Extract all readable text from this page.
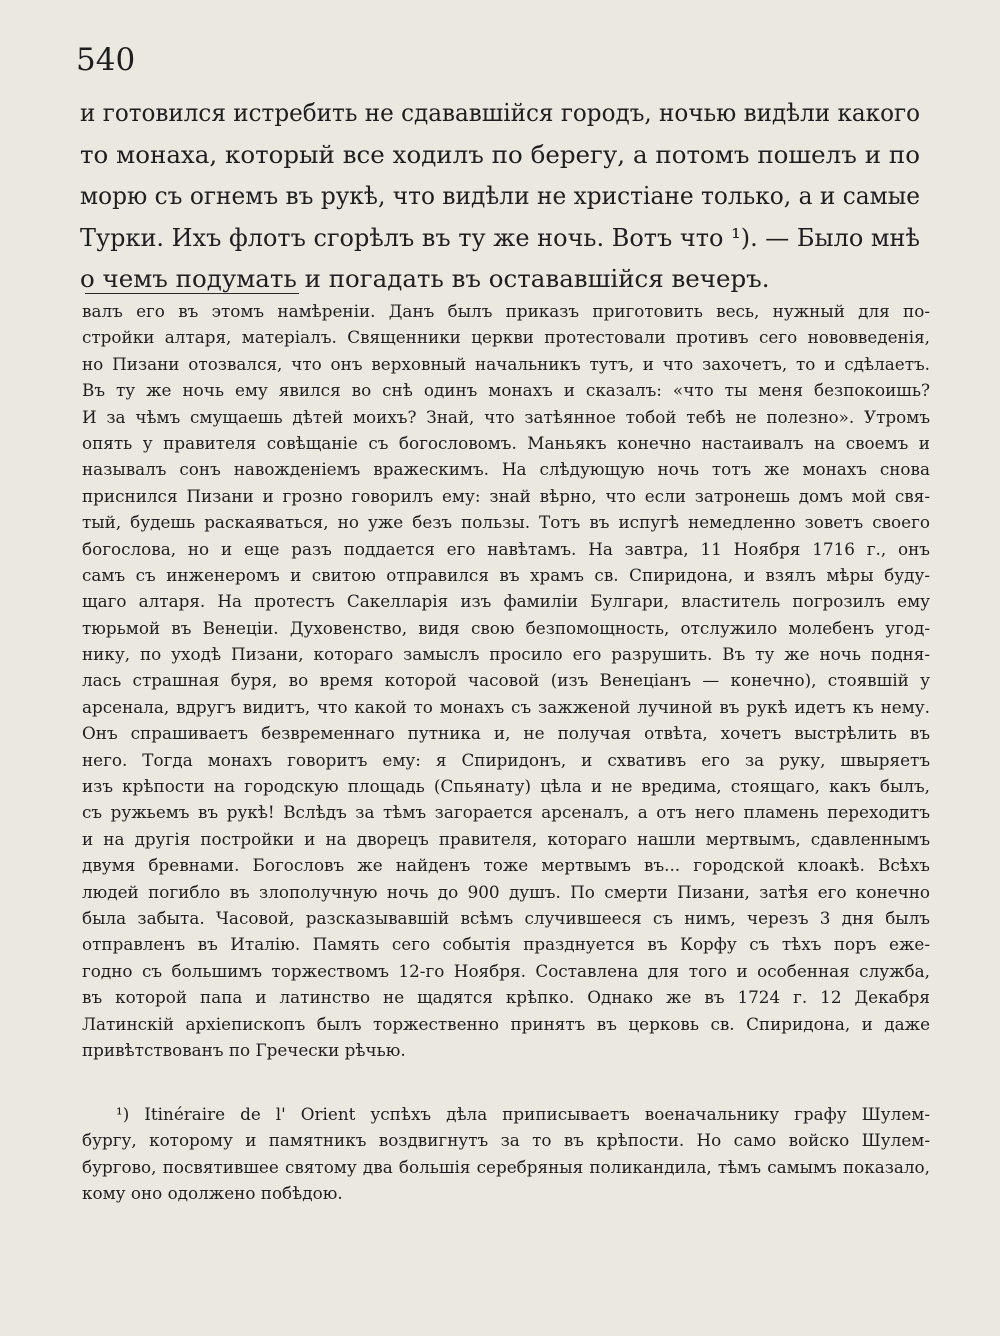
540
и готовился истребить не сдававшійся городъ, ночью видѣли какого
то монаха, который все ходилъ по берегу, а потомъ пошелъ и по
морю съ огнемъ въ рукѣ, что видѣли не христіане только, а и самые
Турки. Ихъ флотъ сгорѣлъ въ ту же ночь. Вотъ что ¹). — Было мнѣ
о чемъ подумать и погадать въ остававшійся вечеръ.
валъ его въ этомъ намѣреніи. Данъ былъ приказъ приготовить весь, нужный для по-
стройки алтаря, матеріалъ. Священники церкви протестовали противъ сего нововведенія,
но Пизани отозвался, что онъ верховный начальникъ тутъ, и что захочетъ, то и сдѣлаетъ.
Въ ту же ночь ему явился во снѣ одинъ монахъ и сказалъ: «что ты меня безпокоишь?
И за чѣмъ смущаешь дѣтей моихъ? Знай, что затѣянное тобой тебѣ не полезно». Утромъ
опять у правителя совѣщаніе съ богословомъ. Маньякъ конечно настаивалъ на своемъ и
называлъ сонъ навожденіемъ вражескимъ. На слѣдующую ночь тотъ же монахъ снова
приснился Пизани и грозно говорилъ ему: знай вѣрно, что если затронешь домъ мой свя-
тый, будешь раскаяваться, но уже безъ пользы. Тотъ въ испугѣ немедленно зоветъ своего
богослова, но и еще разъ поддается его навѣтамъ. На завтра, 11 Ноября 1716 г., онъ
самъ съ инженеромъ и свитою отправился въ храмъ св. Спиридона, и взялъ мѣры буду-
щаго алтаря. На протестъ Сакелларія изъ фамиліи Булгари, властитель погрозилъ ему
тюрьмой въ Венеціи. Духовенство, видя свою безпомощность, отслужило молебенъ угод-
нику, по уходѣ Пизани, котораго замыслъ просило его разрушить. Въ ту же ночь подня-
лась страшная буря, во время которой часовой (изъ Венеціанъ — конечно), стоявшій у
арсенала, вдругъ видитъ, что какой то монахъ съ зажженой лучиной въ рукѣ идетъ къ нему.
Онъ спрашиваетъ безвременнаго путника и, не получая отвѣта, хочетъ выстрѣлить въ
него. Тогда монахъ говоритъ ему: я Спиридонъ, и схвативъ его за руку, швыряетъ
изъ крѣпости на городскую площадь (Спьянату) цѣла и не вредима, стоящаго, какъ былъ,
съ ружьемъ въ рукѣ! Вслѣдъ за тѣмъ загорается арсеналъ, а отъ него пламень переходитъ
и на другія постройки и на дворецъ правителя, котораго нашли мертвымъ, сдавленнымъ
двумя бревнами. Богословъ же найденъ тоже мертвымъ въ... городской клоакѣ. Всѣхъ
людей погибло въ злополучную ночь до 900 душъ. По смерти Пизани, затѣя его конечно
была забыта. Часовой, разсказывавшій всѣмъ случившееся съ нимъ, черезъ 3 дня былъ
отправленъ въ Италію. Память сего событія празднуется въ Корфу съ тѣхъ поръ еже-
годно съ большимъ торжествомъ 12-го Ноября. Составлена для того и особенная служба,
въ которой папа и латинство не щадятся крѣпко. Однако же въ 1724 г. 12 Декабря
Латинскій архіепископъ былъ торжественно принятъ въ церковь св. Спиридона, и даже
привѣтствованъ по Гречески рѣчью.
¹) Itinéraire de l' Orient успѣхъ дѣла приписываетъ военачальнику графу Шулем-
бургу, которому и памятникъ воздвигнутъ за то въ крѣпости. Но само войско Шулем-
бургово, посвятившее святому два большія серебряныя поликандила, тѣмъ самымъ показало,
кому оно одолжено побѣдою.
